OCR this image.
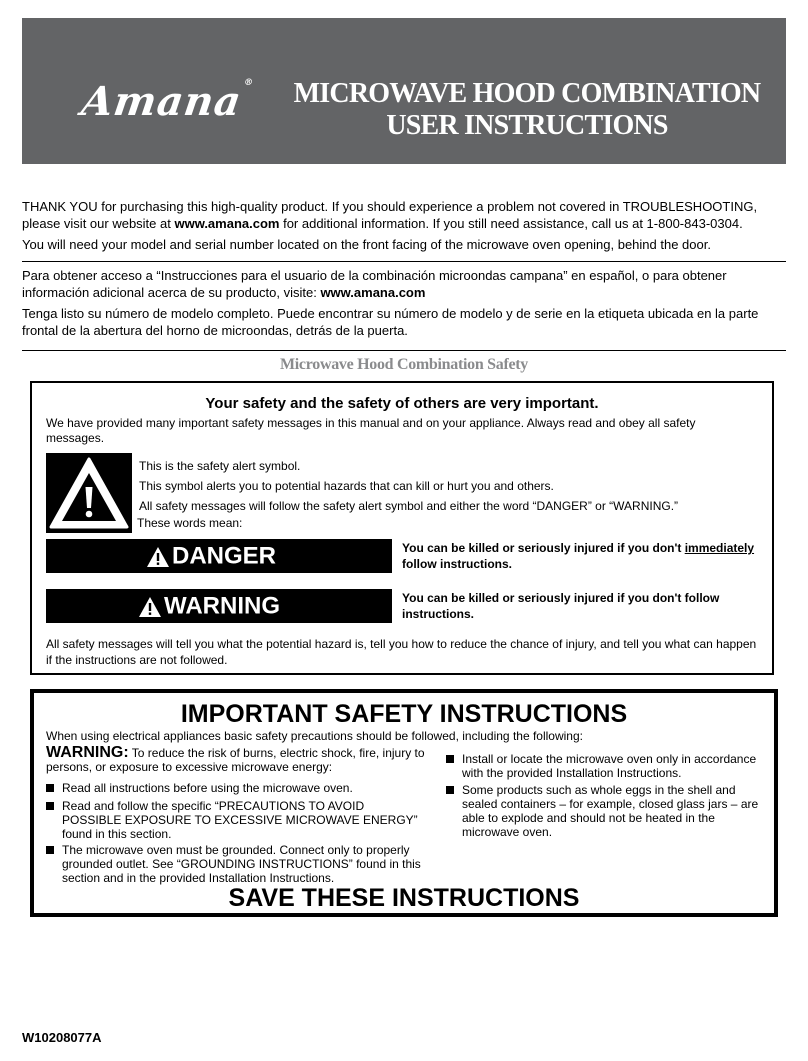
Amana® MICROWAVE HOOD COMBINATION
USER INSTRUCTIONS

THANK YOU for purchasing this high-quality product. If you should experience a problem not covered in TROUBLESHOOTING, please visit our website at www.amana.com for additional information. If you still need assistance, call us at 1-800-843-0304.

You will need your model and serial number located on the front facing of the microwave oven opening, behind the door.

Para obtener acceso a “Instrucciones para el usuario de la combinación microondas campana” en español, o para obtener información adicional acerca de su producto, visite: www.amana.com

Tenga listo su número de modelo completo. Puede encontrar su número de modelo y de serie en la etiqueta ubicada en la parte frontal de la abertura del horno de microondas, detrás de la puerta.

Microwave Hood Combination Safety
Your safety and the safety of others are very important.
We have provided many important safety messages in this manual and on your appliance. Always read and obey all safety messages.
This is the safety alert symbol.
This symbol alerts you to potential hazards that can kill or hurt you and others.
All safety messages will follow the safety alert symbol and either the word “DANGER” or “WARNING.”
These words mean:
DANGER	You can be killed or seriously injured if you don't immediately
follow instructions.
WARNING	You can be killed or seriously injured if you don't follow instructions.
All safety messages will tell you what the potential hazard is, tell you how to reduce the chance of injury, and tell you what can happen if the instructions are not followed.
IMPORTANT SAFETY INSTRUCTIONS
When using electrical appliances basic safety precautions should be followed, including the following:
WARNING: To reduce the risk of burns, electric shock, fire, injury to persons, or exposure to excessive microwave energy:
Read all instructions before using the microwave oven.
Read and follow the specific “PRECAUTIONS TO AVOID POSSIBLE EXPOSURE TO EXCESSIVE MICROWAVE ENERGY” found in this section.
The microwave oven must be grounded. Connect only to properly grounded outlet. See “GROUNDING INSTRUCTIONS” found in this section and in the provided Installation Instructions.
Install or locate the microwave oven only in accordance with the provided Installation Instructions.
Some products such as whole eggs in the shell and sealed containers – for example, closed glass jars – are able to explode and should not be heated in the microwave oven.
SAVE THESE INSTRUCTIONS
W10208077A
